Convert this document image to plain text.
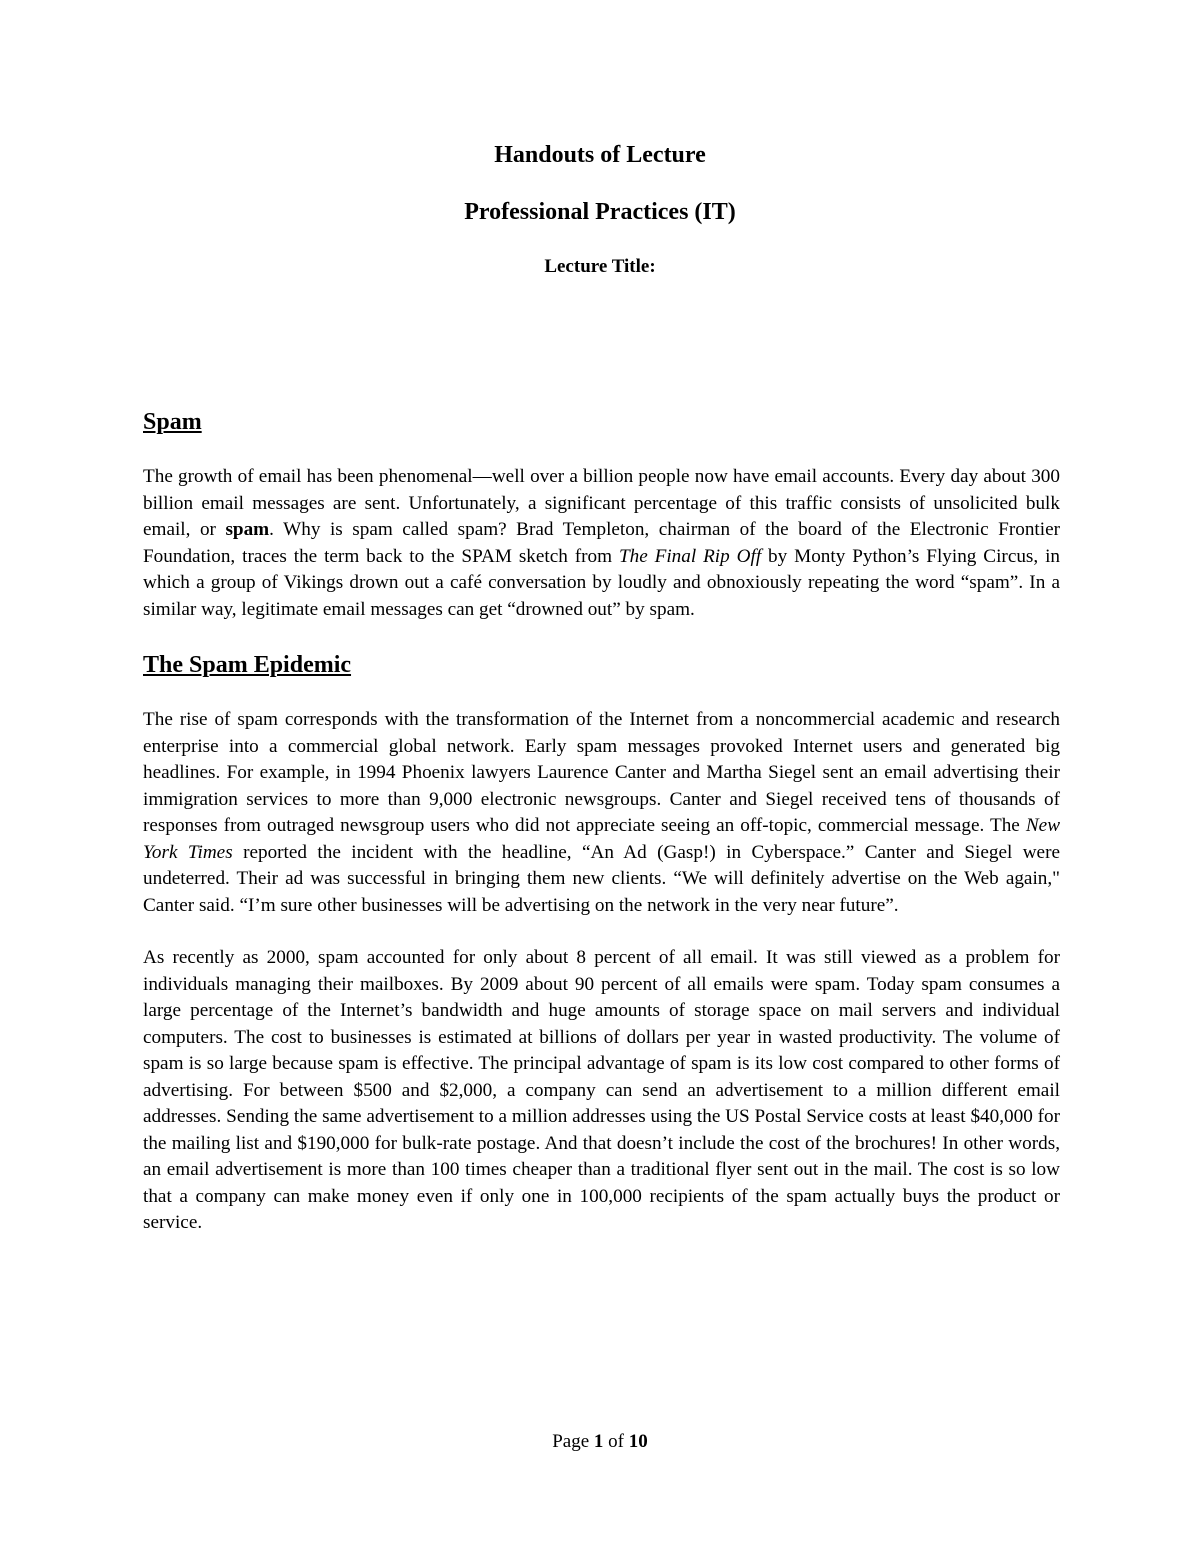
Handouts of Lecture
Professional Practices (IT)
Lecture Title:
Spam

The growth of email has been phenomenal—well over a billion people now have email accounts. Every day about 300 billion email messages are sent. Unfortunately, a significant percentage of this traffic consists of unsolicited bulk email, or spam. Why is spam called spam? Brad Templeton, chairman of the board of the Electronic Frontier Foundation, traces the term back to the SPAM sketch from The Final Rip Off by Monty Python’s Flying Circus, in which a group of Vikings drown out a café conversation by loudly and obnoxiously repeating the word “spam”. In a similar way, legitimate email messages can get “drowned out” by spam.

The Spam Epidemic

The rise of spam corresponds with the transformation of the Internet from a noncommercial academic and research enterprise into a commercial global network. Early spam messages provoked Internet users and generated big headlines. For example, in 1994 Phoenix lawyers Laurence Canter and Martha Siegel sent an email advertising their immigration services to more than 9,000 electronic newsgroups. Canter and Siegel received tens of thousands of responses from outraged newsgroup users who did not appreciate seeing an off-topic, commercial message. The New York Times reported the incident with the headline, “An Ad (Gasp!) in Cyberspace.” Canter and Siegel were undeterred. Their ad was successful in bringing them new clients. “We will definitely advertise on the Web again," Canter said. “I’m sure other businesses will be advertising on the network in the very near future”.

As recently as 2000, spam accounted for only about 8 percent of all email. It was still viewed as a problem for individuals managing their mailboxes. By 2009 about 90 percent of all emails were spam. Today spam consumes a large percentage of the Internet’s bandwidth and huge amounts of storage space on mail servers and individual computers. The cost to businesses is estimated at billions of dollars per year in wasted productivity. The volume of spam is so large because spam is effective. The principal advantage of spam is its low cost compared to other forms of advertising. For between $500 and $2,000, a company can send an advertisement to a million different email addresses. Sending the same advertisement to a million addresses using the US Postal Service costs at least $40,000 for the mailing list and $190,000 for bulk-rate postage. And that doesn’t include the cost of the brochures! In other words, an email advertisement is more than 100 times cheaper than a traditional flyer sent out in the mail. The cost is so low that a company can make money even if only one in 100,000 recipients of the spam actually buys the product or service.

Page 1 of 10
